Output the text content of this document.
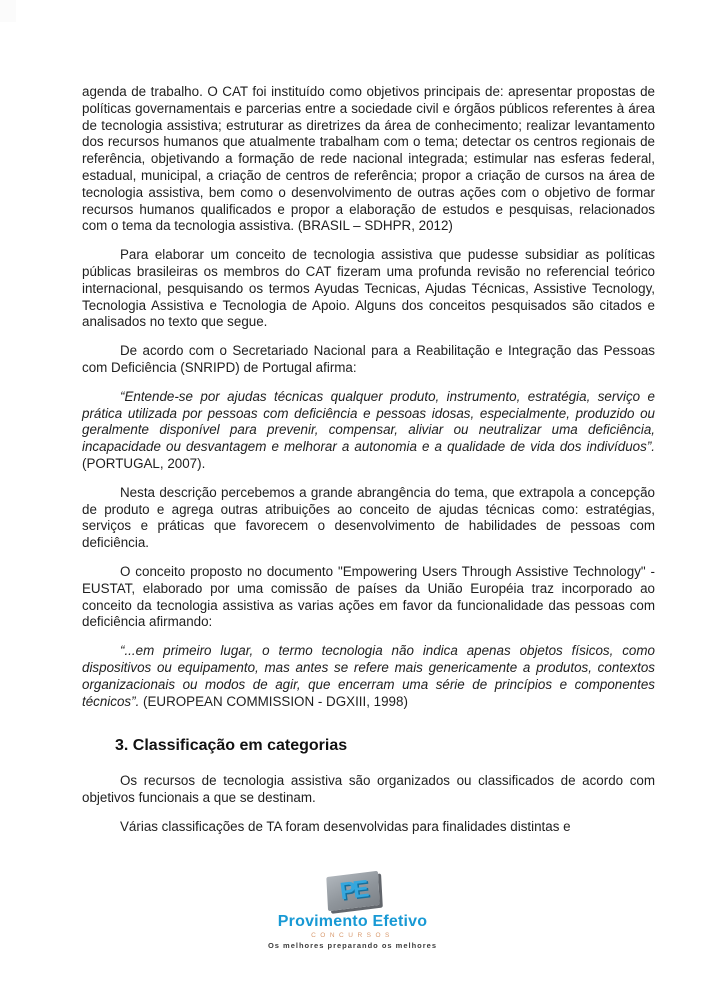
agenda de trabalho. O CAT foi instituído como objetivos principais de: apresentar propostas de políticas governamentais e parcerias entre a sociedade civil e órgãos públicos referentes à área de tecnologia assistiva; estruturar as diretrizes da área de conhecimento; realizar levantamento dos recursos humanos que atualmente trabalham com o tema; detectar os centros regionais de referência, objetivando a formação de rede nacional integrada; estimular nas esferas federal, estadual, municipal, a criação de centros de referência; propor a criação de cursos na área de tecnologia assistiva, bem como o desenvolvimento de outras ações com o objetivo de formar recursos humanos qualificados e propor a elaboração de estudos e pesquisas, relacionados com o tema da tecnologia assistiva. (BRASIL – SDHPR, 2012)

Para elaborar um conceito de tecnologia assistiva que pudesse subsidiar as políticas públicas brasileiras os membros do CAT fizeram uma profunda revisão no referencial teórico internacional, pesquisando os termos Ayudas Tecnicas, Ajudas Técnicas, Assistive Tecnology, Tecnologia Assistiva e Tecnologia de Apoio. Alguns dos conceitos pesquisados são citados e analisados no texto que segue.

De acordo com o Secretariado Nacional para a Reabilitação e Integração das Pessoas com Deficiência (SNRIPD) de Portugal afirma:

“Entende-se por ajudas técnicas qualquer produto, instrumento, estratégia, serviço e prática utilizada por pessoas com deficiência e pessoas idosas, especialmente, produzido ou geralmente disponível para prevenir, compensar, aliviar ou neutralizar uma deficiência, incapacidade ou desvantagem e melhorar a autonomia e a qualidade de vida dos indivíduos”. (PORTUGAL, 2007).

Nesta descrição percebemos a grande abrangência do tema, que extrapola a concepção de produto e agrega outras atribuições ao conceito de ajudas técnicas como: estratégias, serviços e práticas que favorecem o desenvolvimento de habilidades de pessoas com deficiência.

O conceito proposto no documento "Empowering Users Through Assistive Technology" - EUSTAT, elaborado por uma comissão de países da União Européia traz incorporado ao conceito da tecnologia assistiva as varias ações em favor da funcionalidade das pessoas com deficiência afirmando:

“...em primeiro lugar, o termo tecnologia não indica apenas objetos físicos, como dispositivos ou equipamento, mas antes se refere mais genericamente a produtos, contextos organizacionais ou modos de agir, que encerram uma série de princípios e componentes técnicos”. (EUROPEAN COMMISSION - DGXIII, 1998)

3. Classificação em categorias

Os recursos de tecnologia assistiva são organizados ou classificados de acordo com objetivos funcionais a que se destinam.

Várias classificações de TA foram desenvolvidas para finalidades distintas e

PE
Provimento Efetivo
CONCURSOS
Os melhores preparando os melhores
